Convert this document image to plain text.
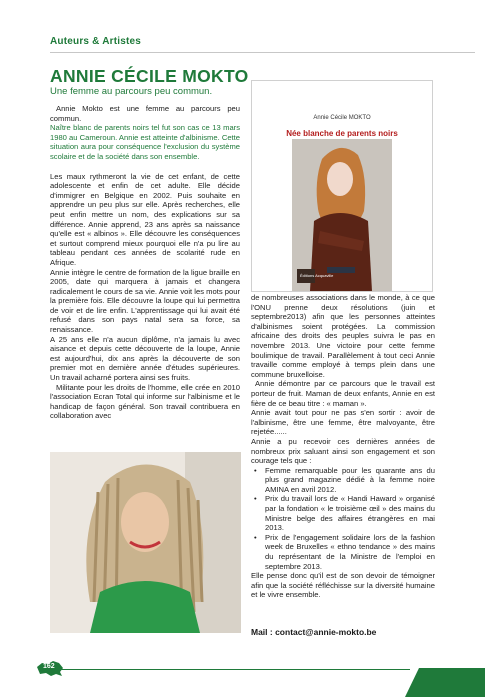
Auteurs & Artistes
ANNIE CÉCILE MOKTO
Une femme au parcours peu commun.
Annie Mokto est une femme au parcours peu commun.
Naître blanc de parents noirs tel fut son cas ce 13 mars 1980 au Cameroun. Annie est atteinte d'albinisme. Cette situation aura pour conséquence l'exclusion du système scolaire et de la société dans son ensemble.
Les maux rythmeront la vie de cet enfant, de cette adolescente et enfin de cet adulte. Elle décide d'immigrer en Belgique en 2002. Puis souhaite en apprendre un peu plus sur elle. Après recherches, elle peut enfin mettre un nom, des explications sur sa différence. Annie apprend, 23 ans après sa naissance qu'elle est « albinos ». Elle découvre les conséquences et surtout comprend mieux pourquoi elle n'a pu lire au tableau pendant ces années de scolarité rude en Afrique.
Annie intègre le centre de formation de la ligue braille en 2005, date qui marquera à jamais et changera radicalement le cours de sa vie. Annie voit les mots pour la première fois. Elle découvre la loupe qui lui permettra de voir et de lire enfin. L'apprentissage qui lui avait été refusé dans son pays natal sera sa force, sa renaissance.
A 25 ans elle n'a aucun diplôme, n'a jamais lu avec aisance et depuis cette découverte de la loupe, Annie est aujourd'hui, dix ans après la découverte de son premier mot en dernière année d'études supérieures. Un travail acharné portera ainsi ses fruits.
Militante pour les droits de l'homme, elle crée en 2010 l'association Ecran Total qui informe sur l'albinisme et le handicap de façon général. Son travail contribuera en collaboration avec
Annie Cécile MOKTO
Née blanche de parents noirs
Éditions Acquaville
de nombreuses associations dans le monde, à ce que l'ONU prenne deux résolutions (juin et septembre2013) afin que les personnes atteintes d'albinismes soient protégées. La commission africaine des droits des peuples suivra le pas en novembre 2013. Une victoire pour cette femme boulimique de travail. Parallèlement à tout ceci Annie travaille comme employé à temps plein dans une commune bruxelloise.
Annie démontre par ce parcours que le travail est porteur de fruit. Maman de deux enfants, Annie en est fière de ce beau titre : « maman ».
Annie avait tout pour ne pas s'en sortir : avoir de l'albinisme, être une femme, être malvoyante, être rejetée......
Annie a pu recevoir ces dernières années de nombreux prix saluant ainsi son engagement et son courage tels que :
• Femme remarquable pour les quarante ans du plus grand magazine dédié à la femme noire AMINA en avril 2012.
• Prix du travail lors de « Handi Haward » organisé par la fondation « le troisième œil » des mains du Ministre belge des affaires étrangères en mai 2013.
• Prix de l'engagement solidaire lors de la fashion week de Bruxelles « ethno tendance » des mains du représentant de la Ministre de l'emploi en septembre 2013.
Elle pense donc qu'il est de son devoir de témoigner afin que la société réfléchisse sur la diversité humaine et le vivre ensemble.
Mail : contact@annie-mokto.be
162
